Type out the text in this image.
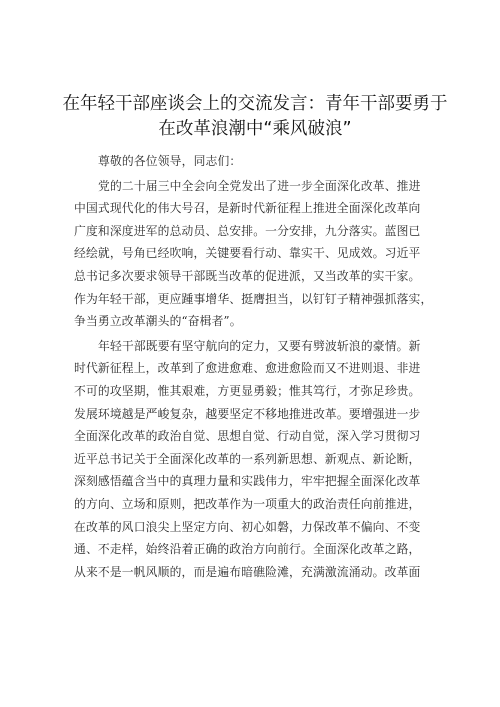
在年轻干部座谈会上的交流发言：青年干部要勇于
在改革浪潮中“乘风破浪”

尊敬的各位领导，同志们：

党的二十届三中全会向全党发出了进一步全面深化改革、推进
中国式现代化的伟大号召，是新时代新征程上推进全面深化改革向
广度和深度进军的总动员、总安排。一分安排，九分落实。蓝图已
经绘就，号角已经吹响，关键要看行动、靠实干、见成效。习近平
总书记多次要求领导干部既当改革的促进派，又当改革的实干家。
作为年轻干部，更应踵事增华、挺膺担当，以钉钉子精神强抓落实，
争当勇立改革潮头的“奋楫者”。

年轻干部既要有坚守航向的定力，又要有劈波斩浪的豪情。新
时代新征程上，改革到了愈进愈难、愈进愈险而又不进则退、非进
不可的攻坚期，惟其艰难，方更显勇毅；惟其笃行，才弥足珍贵。
发展环境越是严峻复杂，越要坚定不移地推进改革。要增强进一步
全面深化改革的政治自觉、思想自觉、行动自觉，深入学习贯彻习
近平总书记关于全面深化改革的一系列新思想、新观点、新论断，
深刻感悟蕴含当中的真理力量和实践伟力，牢牢把握全面深化改革
的方向、立场和原则，把改革作为一项重大的政治责任向前推进，
在改革的风口浪尖上坚定方向、初心如磐，力保改革不偏向、不变
通、不走样，始终沿着正确的政治方向前行。全面深化改革之路，
从来不是一帆风顺的，而是遍布暗礁险滩，充满激流涌动。改革面
